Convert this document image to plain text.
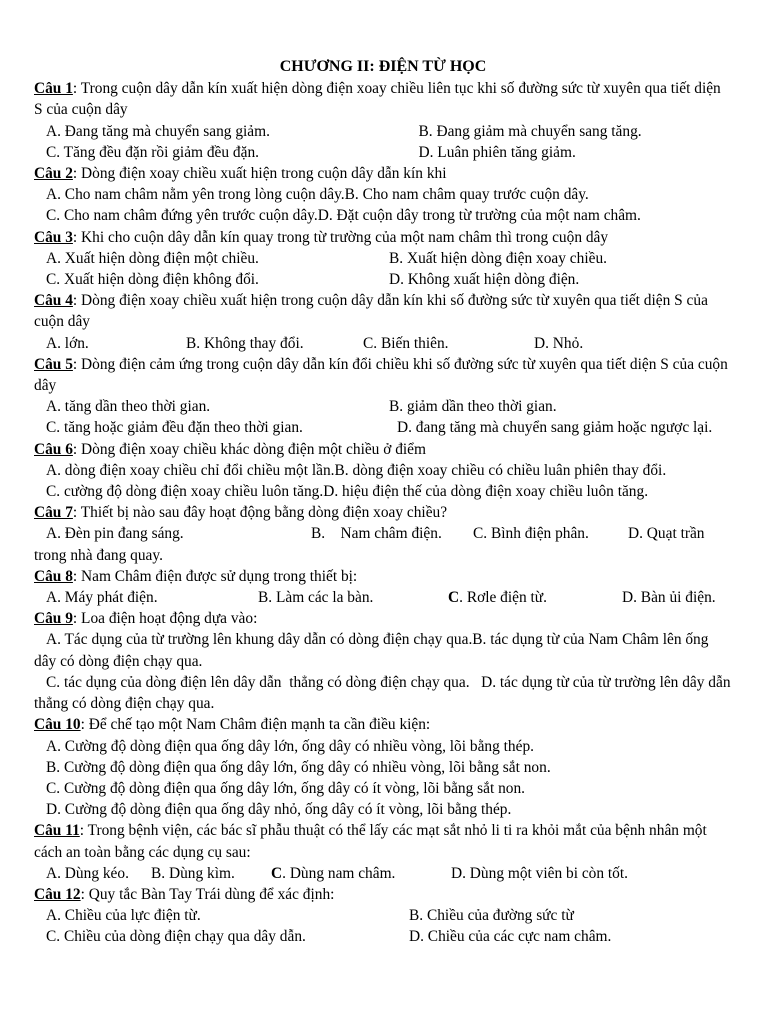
CHƯƠNG II: ĐIỆN TỪ HỌC

Câu 1: Trong cuộn dây dẫn kín xuất hiện dòng điện xoay chiều liên tục khi số đường sức từ xuyên qua tiết diện S của cuộn dây

A. Đang tăng mà chuyển sang giảm.	B. Đang giảm mà chuyển sang tăng.
C. Tăng đều đặn rồi giảm đều đặn.	D. Luân phiên tăng giảm.

Câu 2: Dòng điện xoay chiều xuất hiện trong cuộn dây dẫn kín khi

A. Cho nam châm nằm yên trong lòng cuộn dây.B. Cho nam châm quay trước cuộn dây.

C. Cho nam châm đứng yên trước cuộn dây.D. Đặt cuộn dây trong từ trường của một nam châm.

Câu 3: Khi cho cuộn dây dẫn kín quay trong từ trường của một nam châm thì trong cuộn dây

A. Xuất hiện dòng điện một chiều.	B. Xuất hiện dòng điện xoay chiều.
C. Xuất hiện dòng điện không đổi.	D. Không xuất hiện dòng điện.

Câu 4: Dòng điện xoay chiều xuất hiện trong cuộn dây dẫn kín khi số đường sức từ xuyên qua tiết diện S của cuộn dây

A. lớn.	B. Không thay đổi.	C. Biến thiên.	D. Nhỏ.

Câu 5: Dòng điện cảm ứng trong cuộn dây dẫn kín đổi chiều khi số đường sức từ xuyên qua tiết diện S của cuộn dây

A. tăng dần theo thời gian.	B. giảm dần theo thời gian.

C. tăng hoặc giảm đều đặn theo thời gian.	D. đang tăng mà chuyển sang giảm hoặc ngược lại.

Câu 6: Dòng điện xoay chiều khác dòng điện một chiều ở điểm

A. dòng điện xoay chiều chỉ đổi chiều một lần.B. dòng điện xoay chiều có chiều luân phiên thay đổi.

C. cường độ dòng điện xoay chiều luôn tăng.D. hiệu điện thế của dòng điện xoay chiều luôn tăng.

Câu 7: Thiết bị nào sau đây hoạt động bằng dòng điện xoay chiều?

A. Đèn pin đang sáng.	B.    Nam châm điện. C. Bình điện phân.	D. Quạt trần trong nhà đang quay.

Câu 8: Nam Châm điện được sử dụng trong thiết bị:

A. Máy phát điện.	B. Làm các la bàn.	C. Rơle điện từ.	D. Bàn ủi điện.

Câu 9: Loa điện hoạt động dựa vào:

A. Tác dụng của từ trường lên khung dây dẫn có dòng điện chạy qua.B. tác dụng từ của Nam Châm lên ống  dây có dòng điện chạy qua.

C. tác dụng của dòng điện lên dây dẫn  thẳng có dòng điện chạy qua.   D. tác dụng từ của từ trường lên dây dẫn thẳng có dòng điện chạy qua.

Câu 10: Để chế tạo một Nam Châm điện mạnh ta cần điều kiện:

A. Cường độ dòng điện qua ống dây lớn, ống dây có nhiều vòng, lõi bằng thép.

B. Cường độ dòng điện qua ống dây lớn, ống dây có nhiều vòng, lõi bằng sắt non.

C. Cường độ dòng điện qua ống dây lớn, ống dây có ít vòng, lõi bằng sắt non.

D. Cường độ dòng điện qua ống dây nhỏ, ống dây có ít vòng, lõi bằng thép.

Câu 11: Trong bệnh viện, các bác sĩ phẫu thuật có thể lấy các mạt sắt nhỏ li ti ra khỏi mắt của bệnh nhân một cách an toàn bằng các dụng cụ sau:

A. Dùng kéo.	B. Dùng kìm.	C. Dùng nam châm.	D. Dùng một viên bi còn tốt.

Câu 12: Quy tắc Bàn Tay Trái dùng để xác định:

A. Chiều của lực điện từ.	B. Chiều của đường sức từ
C. Chiều của dòng điện chạy qua dây dẫn.	D. Chiều của các cực nam châm.
